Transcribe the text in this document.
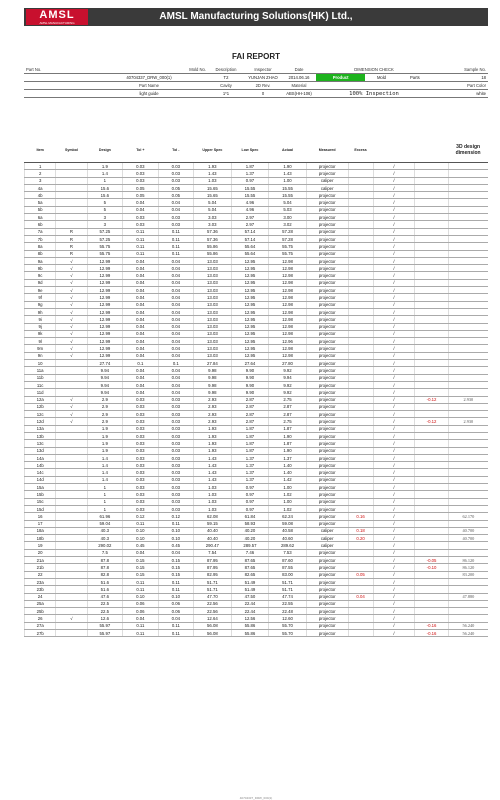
AMSL
AMSL MANUFACTURING
AMSL Manufacturing Solutions(HK) Ltd.,
FAI REPORT
Part No.		Mold No.	Description	Inspector	Date	DIMENSION CHECK			Sample No.
	40704337_DRW_000(1)		T2	YUNJAN ZHAO	2014.06.16	Product	Mold	Parts	18
	Part Name		Cavity	2D Rev.	Material				Part Color
	light guide		1*1	0	ABS(HH-106)	100% Inspection			white
Item	Symbol	Design	Tol +	Tol -	Upper Spec	Low Spec	Actual	Measured	Excess			3D design dimension
1		1.9	0.03	0.03	1.93	1.87	1.90	projector		/		
2		1.4	0.03	0.03	1.43	1.37	1.43	projector		/		
3		1	0.03	0.03	1.03	0.97	1.00	caliper		/		
4a		15.6	0.05	0.05	15.65	15.55	15.55	caliper		/		
4b		15.6	0.05	0.05	15.65	15.55	15.55	projector		/		
5a		5	0.04	0.04	5.04	4.96	5.04	projector		/		
5b		5	0.04	0.04	5.04	4.96	5.03	projector		/		
6a		3	0.03	0.03	3.03	2.97	3.00	projector		/		
6b		3	0.03	0.03	3.03	2.97	3.02	projector		/		
7a	R	57.25	0.11	0.11	57.36	57.14	57.28	projector		/		
7b	R	57.25	0.11	0.11	57.36	57.14	57.28	projector		/		
8a	R	55.75	0.11	0.11	55.86	55.64	55.75	projector		/		
8b	R	55.75	0.11	0.11	55.86	55.64	55.75	projector		/		
9a	√	12.99	0.04	0.04	13.03	12.95	12.98	projector		/		
9b	√	12.99	0.04	0.04	13.03	12.95	12.98	projector		/		
9c	√	12.99	0.04	0.04	13.03	12.95	12.98	projector		/		
9d	√	12.99	0.04	0.04	13.03	12.95	12.98	projector		/		
9e	√	12.99	0.04	0.04	13.03	12.95	12.98	projector		/		
9f	√	12.99	0.04	0.04	13.03	12.95	12.98	projector		/		
9g	√	12.99	0.04	0.04	13.03	12.95	12.98	projector		/		
9h	√	12.99	0.04	0.04	13.03	12.95	12.98	projector		/		
9i	√	12.99	0.04	0.04	13.03	12.95	12.98	projector		/		
9j	√	12.99	0.04	0.04	13.03	12.95	12.98	projector		/		
9k	√	12.99	0.04	0.04	13.03	12.95	12.98	projector		/		
9l	√	12.99	0.04	0.04	13.03	12.95	12.96	projector		/		
9m	√	12.99	0.04	0.04	13.03	12.95	12.98	projector		/		
9n	√	12.99	0.04	0.04	13.03	12.95	12.98	projector		/		
10		27.74	0.1	0.1	27.84	27.64	27.80	projector		/		
11a		9.94	0.04	0.04	9.98	9.90	9.92	projector		/		
11b		9.94	0.04	0.04	9.98	9.90	9.94	projector		/		
11c		9.94	0.04	0.04	9.98	9.90	9.92	projector		/		
11d		9.94	0.04	0.04	9.98	9.90	9.92	projector		/		
12a	√	2.9	0.03	0.03	2.93	2.87	2.75	projector		/	-0.12	2.930
12b	√	2.9	0.03	0.03	2.93	2.87	2.87	projector		/		
12c	√	2.9	0.03	0.03	2.93	2.87	2.87	projector		/		
12d	√	2.9	0.03	0.03	2.93	2.87	2.75	projector		/	-0.12	2.930
13a		1.9	0.03	0.03	1.93	1.87	1.87	projector		/		
13b		1.9	0.03	0.03	1.93	1.87	1.90	projector		/		
13c		1.9	0.03	0.03	1.93	1.87	1.87	projector		/		
13d		1.9	0.03	0.03	1.93	1.87	1.90	projector		/		
14a		1.4	0.03	0.03	1.43	1.37	1.37	projector		/		
14b		1.4	0.03	0.03	1.43	1.37	1.40	projector		/		
14c		1.4	0.03	0.03	1.43	1.37	1.40	projector		/		
14d		1.4	0.03	0.03	1.43	1.37	1.42	projector		/		
15a		1	0.03	0.03	1.03	0.97	1.00	projector		/		
15b		1	0.03	0.03	1.03	0.97	1.02	projector		/		
15c		1	0.03	0.03	1.03	0.97	1.00	projector		/		
15d		1	0.03	0.03	1.03	0.97	1.02	projector		/		
16		61.96	0.12	0.12	62.08	61.84	62.24	projector	0.16	/		62.170
17		59.04	0.11	0.11	59.15	58.93	59.08	projector		/		
18a		40.3	0.10	0.10	40.40	40.20	40.58	caliper	0.18	/		40.700
18b		40.3	0.10	0.10	40.40	40.20	40.60	caliper	0.20	/		40.700
19		290.02	0.45	0.45	290.47	289.57	289.62	caliper		/		
20		7.5	0.04	0.04	7.54	7.46	7.53	projector		/		
21a		87.8	0.15	0.15	87.95	87.65	87.60	projector		/	-0.05	86.120
21b		87.8	0.15	0.15	87.95	87.65	87.55	projector		/	-0.10	86.120
22		82.8	0.15	0.15	82.95	82.65	83.00	projector	0.05	/		83.200
23a		51.6	0.11	0.11	51.71	51.49	51.71	projector		/		
23b		51.6	0.11	0.11	51.71	51.49	51.71	projector		/		
24		47.6	0.10	0.10	47.70	47.50	47.74	projector	0.04	/		47.880
25a		22.5	0.06	0.06	22.56	22.44	22.55	projector		/		
25b		22.5	0.06	0.06	22.56	22.44	22.48	projector		/		
26	√	12.6	0.04	0.04	12.64	12.56	12.60	projector		/		
27a		55.97	0.11	0.11	56.08	55.86	55.70	projector		/	-0.16	56.240
27b		55.97	0.11	0.11	56.08	55.86	55.70	projector		/	-0.16	56.240
40704337_DRW_000(1)
